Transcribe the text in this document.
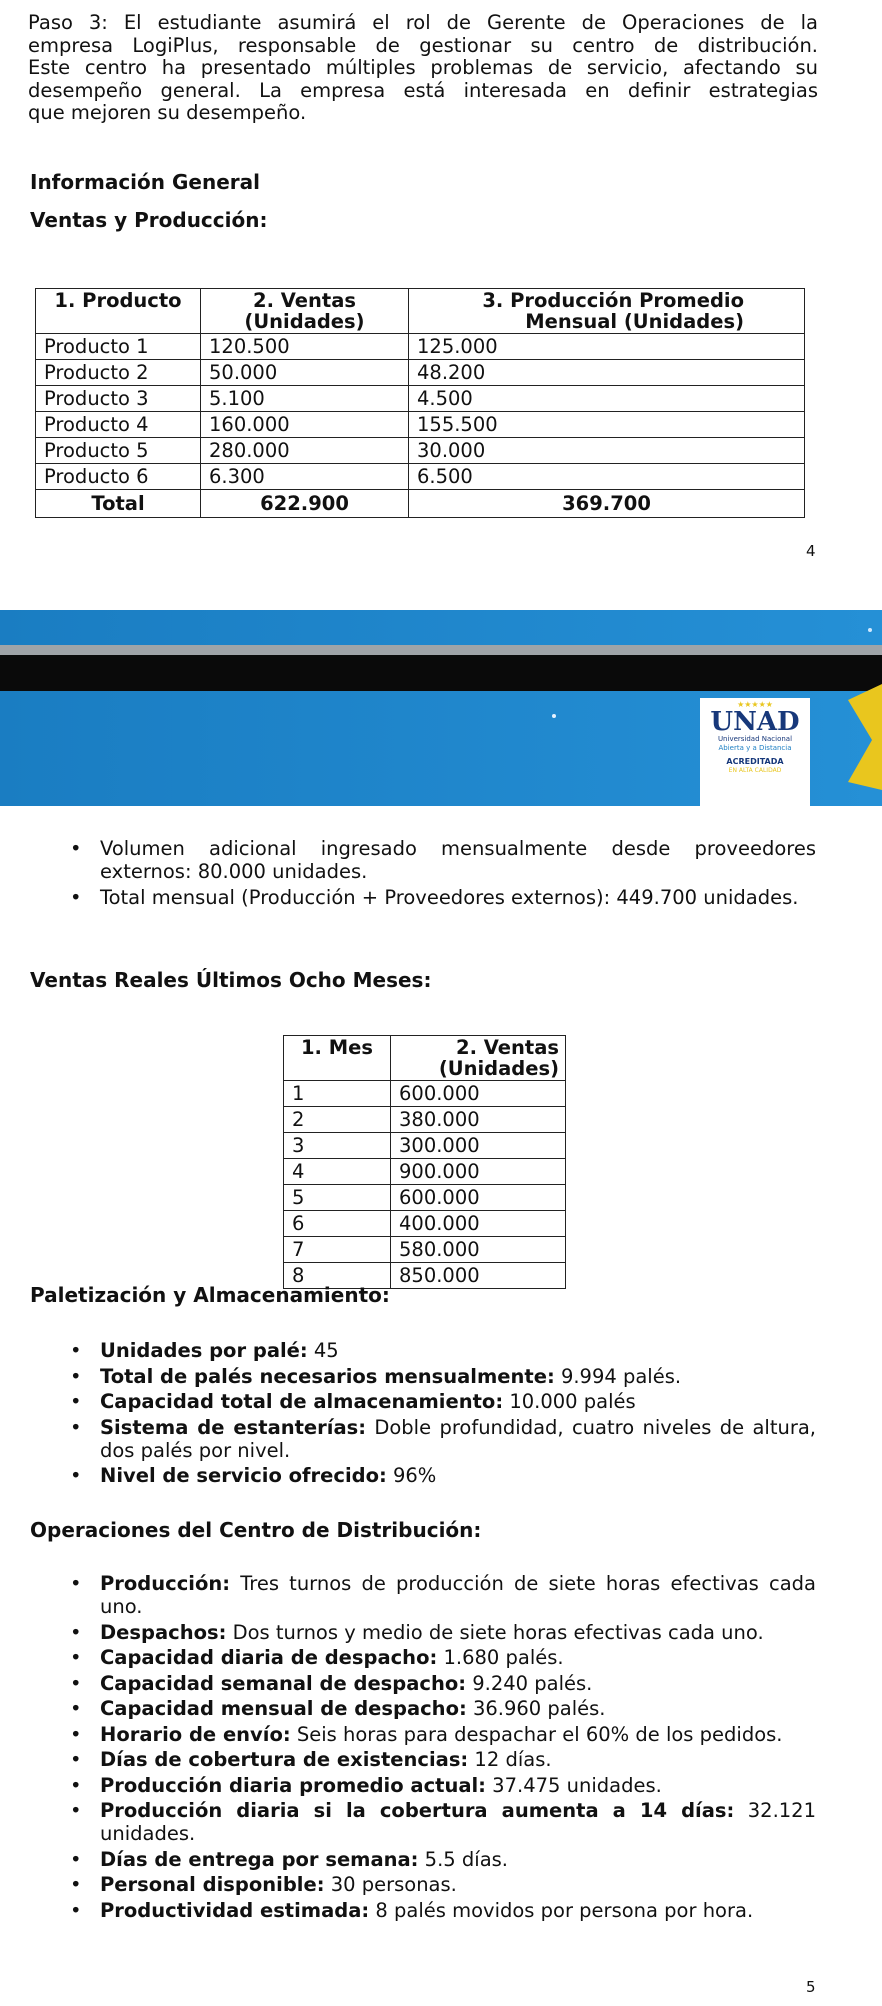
Paso 3: El estudiante asumirá el rol de Gerente de Operaciones de la
empresa LogiPlus, responsable de gestionar su centro de distribución.
Este centro ha presentado múltiples problemas de servicio, afectando su
desempeño general. La empresa está interesada en definir estrategias
que mejoren su desempeño.
Información General
Ventas y Producción:
1. Producto	2. Ventas (Unidades)	3. Producción Promedio Mensual (Unidades)
Producto 1	120.500	125.000
Producto 2	50.000	48.200
Producto 3	5.100	4.500
Producto 4	160.000	155.500
Producto 5	280.000	30.000
Producto 6	6.300	6.500
Total	622.900	369.700
4
★★★★★
UNAD
Universidad Nacional
Abierta y a Distancia
ACREDITADA
EN ALTA CALIDAD
• Volumen adicional ingresado mensualmente desde proveedores externos: 80.000 unidades.
• Total mensual (Producción + Proveedores externos): 449.700 unidades.
Ventas Reales Últimos Ocho Meses:
1. Mes	2. Ventas (Unidades)
1	600.000
2	380.000
3	300.000
4	900.000
5	600.000
6	400.000
7	580.000
8	850.000
Paletización y Almacenamiento:
• Unidades por palé: 45
• Total de palés necesarios mensualmente: 9.994 palés.
• Capacidad total de almacenamiento: 10.000 palés
• Sistema de estanterías: Doble profundidad, cuatro niveles de altura, dos palés por nivel.
• Nivel de servicio ofrecido: 96%
Operaciones del Centro de Distribución:
• Producción: Tres turnos de producción de siete horas efectivas cada uno.
• Despachos: Dos turnos y medio de siete horas efectivas cada uno.
• Capacidad diaria de despacho: 1.680 palés.
• Capacidad semanal de despacho: 9.240 palés.
• Capacidad mensual de despacho: 36.960 palés.
• Horario de envío: Seis horas para despachar el 60% de los pedidos.
• Días de cobertura de existencias: 12 días.
• Producción diaria promedio actual: 37.475 unidades.
• Producción diaria si la cobertura aumenta a 14 días: 32.121 unidades.
• Días de entrega por semana: 5.5 días.
• Personal disponible: 30 personas.
• Productividad estimada: 8 palés movidos por persona por hora.
5
